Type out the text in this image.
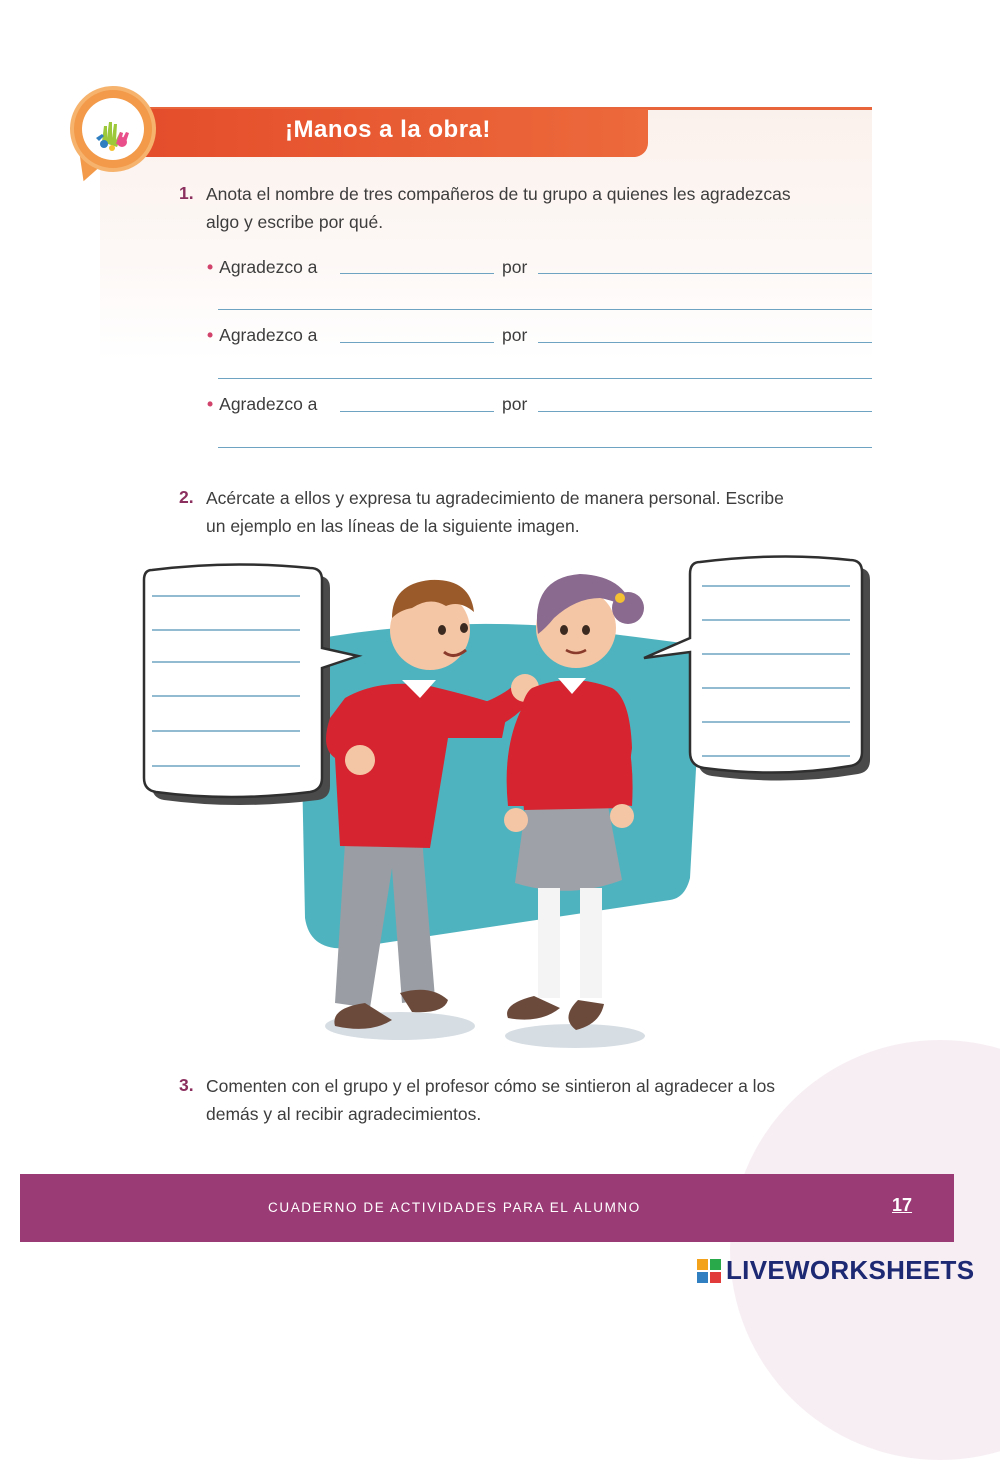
¡Manos a la obra!
1. Anota el nombre de tres compañeros de tu grupo a quienes les agradezcas
algo y escribe por qué.
• Agradezco a	por
• Agradezco a	por
• Agradezco a	por
2. Acércate a ellos y expresa tu agradecimiento de manera personal. Escribe
un ejemplo en las líneas de la siguiente imagen.
3. Comenten con el grupo y el profesor cómo se sintieron al agradecer a los
demás y al recibir agradecimientos.
CUADERNO DE ACTIVIDADES PARA EL ALUMNO	17
LIVEWORKSHEETS
